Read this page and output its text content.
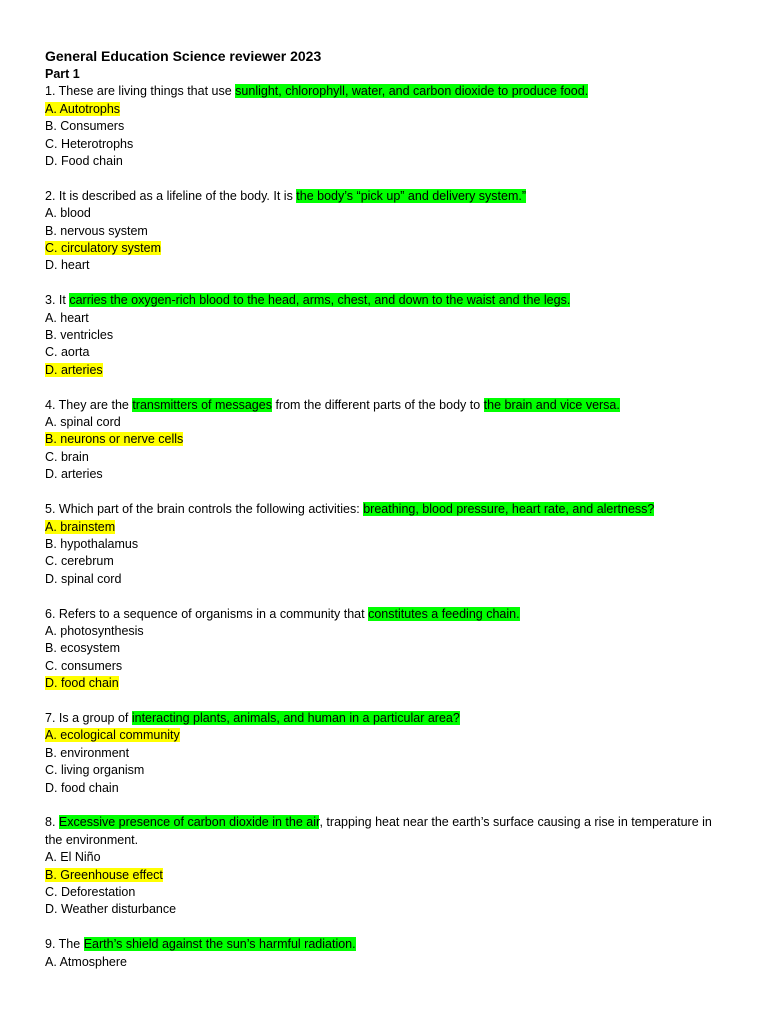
General Education Science reviewer 2023
Part 1
1. These are living things that use sunlight, chlorophyll, water, and carbon dioxide to produce food.
A. Autotrophs
B. Consumers
C. Heterotrophs
D. Food chain
2. It is described as a lifeline of the body. It is the body’s “pick up” and delivery system.”
A. blood
B. nervous system
C. circulatory system
D. heart
3. It carries the oxygen-rich blood to the head, arms, chest, and down to the waist and the legs.
A. heart
B. ventricles
C. aorta
D. arteries
4. They are the transmitters of messages from the different parts of the body to the brain and vice versa.
A. spinal cord
B. neurons or nerve cells
C. brain
D. arteries
5. Which part of the brain controls the following activities: breathing, blood pressure, heart rate, and alertness?
A. brainstem
B. hypothalamus
C. cerebrum
D. spinal cord
6. Refers to a sequence of organisms in a community that constitutes a feeding chain.
A. photosynthesis
B. ecosystem
C. consumers
D. food chain
7. Is a group of interacting plants, animals, and human in a particular area?
A. ecological community
B. environment
C. living organism
D. food chain
8. Excessive presence of carbon dioxide in the air, trapping heat near the earth’s surface causing a rise in temperature in the environment.
A. El Niño
B. Greenhouse effect
C. Deforestation
D. Weather disturbance
9. The Earth’s shield against the sun’s harmful radiation.
A. Atmosphere
